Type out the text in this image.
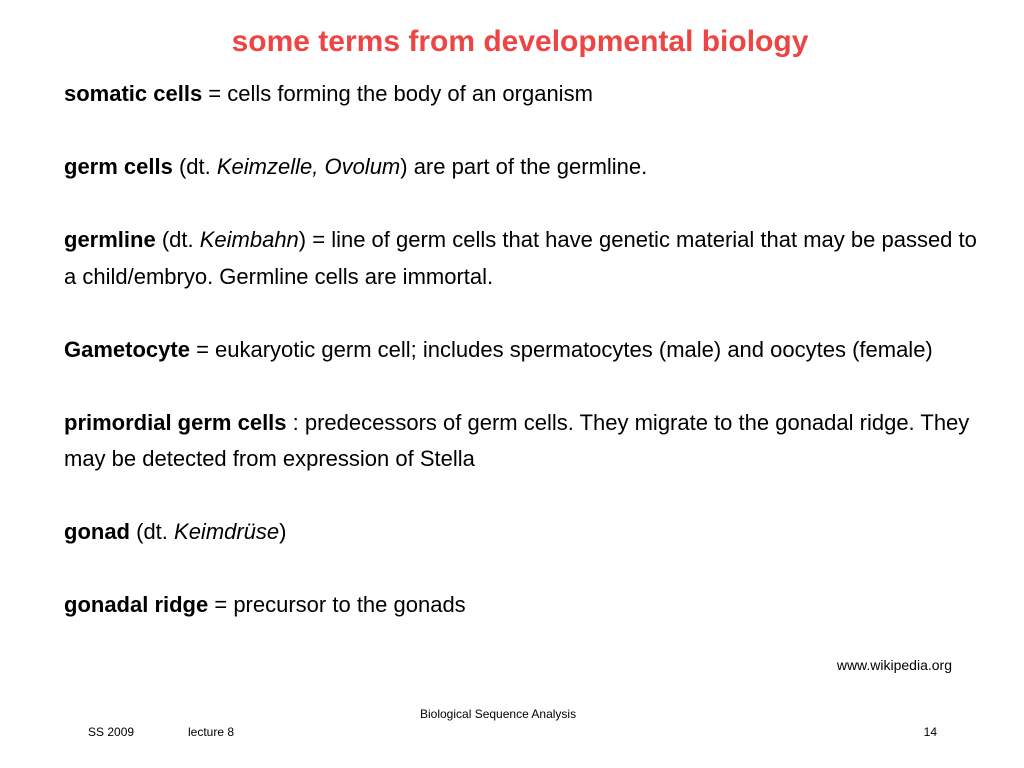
some terms from developmental biology
somatic cells = cells forming the body of an organism
germ cells (dt. Keimzelle, Ovolum) are part of the germline.
germline (dt. Keimbahn) = line of germ cells that have genetic material that may be passed to a child/embryo. Germline cells are immortal.
Gametocyte = eukaryotic germ cell; includes spermatocytes (male) and oocytes (female)
primordial germ cells : predecessors of germ cells. They migrate to the gonadal ridge. They may be detected from expression of Stella
gonad (dt. Keimdrüse)
gonadal ridge = precursor to the gonads
www.wikipedia.org
Biological Sequence Analysis
SS 2009	lecture 8	14
